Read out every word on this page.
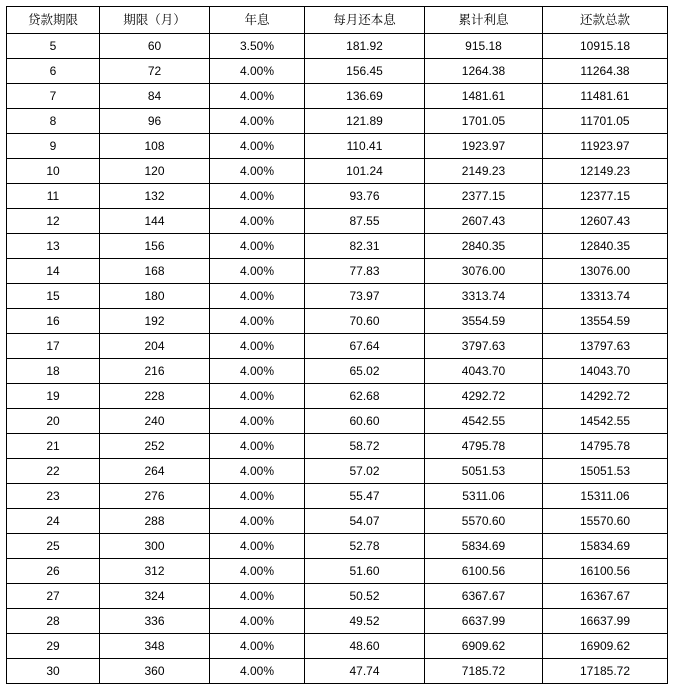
贷款期限	期限（月）	年息	每月还本息	累计利息	还款总款
5	60	3.50%	181.92	915.18	10915.18
6	72	4.00%	156.45	1264.38	11264.38
7	84	4.00%	136.69	1481.61	11481.61
8	96	4.00%	121.89	1701.05	11701.05
9	108	4.00%	110.41	1923.97	11923.97
10	120	4.00%	101.24	2149.23	12149.23
11	132	4.00%	93.76	2377.15	12377.15
12	144	4.00%	87.55	2607.43	12607.43
13	156	4.00%	82.31	2840.35	12840.35
14	168	4.00%	77.83	3076.00	13076.00
15	180	4.00%	73.97	3313.74	13313.74
16	192	4.00%	70.60	3554.59	13554.59
17	204	4.00%	67.64	3797.63	13797.63
18	216	4.00%	65.02	4043.70	14043.70
19	228	4.00%	62.68	4292.72	14292.72
20	240	4.00%	60.60	4542.55	14542.55
21	252	4.00%	58.72	4795.78	14795.78
22	264	4.00%	57.02	5051.53	15051.53
23	276	4.00%	55.47	5311.06	15311.06
24	288	4.00%	54.07	5570.60	15570.60
25	300	4.00%	52.78	5834.69	15834.69
26	312	4.00%	51.60	6100.56	16100.56
27	324	4.00%	50.52	6367.67	16367.67
28	336	4.00%	49.52	6637.99	16637.99
29	348	4.00%	48.60	6909.62	16909.62
30	360	4.00%	47.74	7185.72	17185.72
